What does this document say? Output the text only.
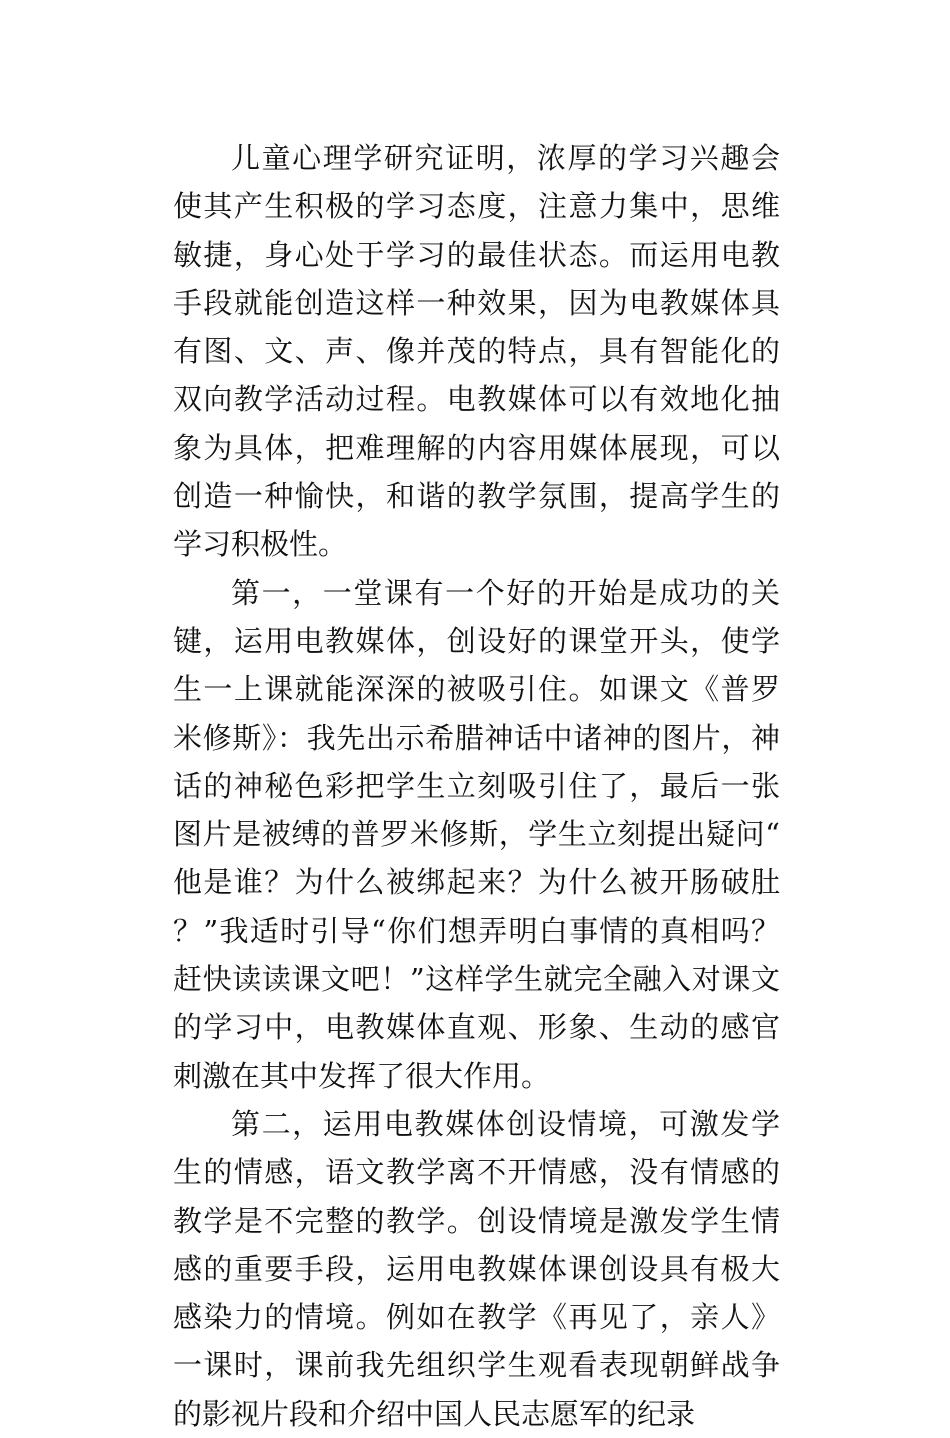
儿童心理学研究证明，浓厚的学习兴趣会使其产生积极的学习态度，注意力集中，思维敏捷，身心处于学习的最佳状态。而运用电教手段就能创造这样一种效果，因为电教媒体具有图、文、声、像并茂的特点，具有智能化的双向教学活动过程。电教媒体可以有效地化抽象为具体，把难理解的内容用媒体展现，可以创造一种愉快，和谐的教学氛围，提高学生的学习积极性。

第一，一堂课有一个好的开始是成功的关键，运用电教媒体，创设好的课堂开头，使学生一上课就能深深的被吸引住。如课文《普罗米修斯》：我先出示希腊神话中诸神的图片，神话的神秘色彩把学生立刻吸引住了，最后一张图片是被缚的普罗米修斯，学生立刻提出疑问“他是谁？为什么被绑起来？为什么被开肠破肚？”我适时引导“你们想弄明白事情的真相吗？赶快读读课文吧！”这样学生就完全融入对课文的学习中，电教媒体直观、形象、生动的感官刺激在其中发挥了很大作用。

第二，运用电教媒体创设情境，可激发学生的情感，语文教学离不开情感，没有情感的教学是不完整的教学。创设情境是激发学生情感的重要手段，运用电教媒体课创设具有极大感染力的情境。例如在教学《再见了，亲人》一课时，课前我先组织学生观看表现朝鲜战争的影视片段和介绍中国人民志愿军的纪录
